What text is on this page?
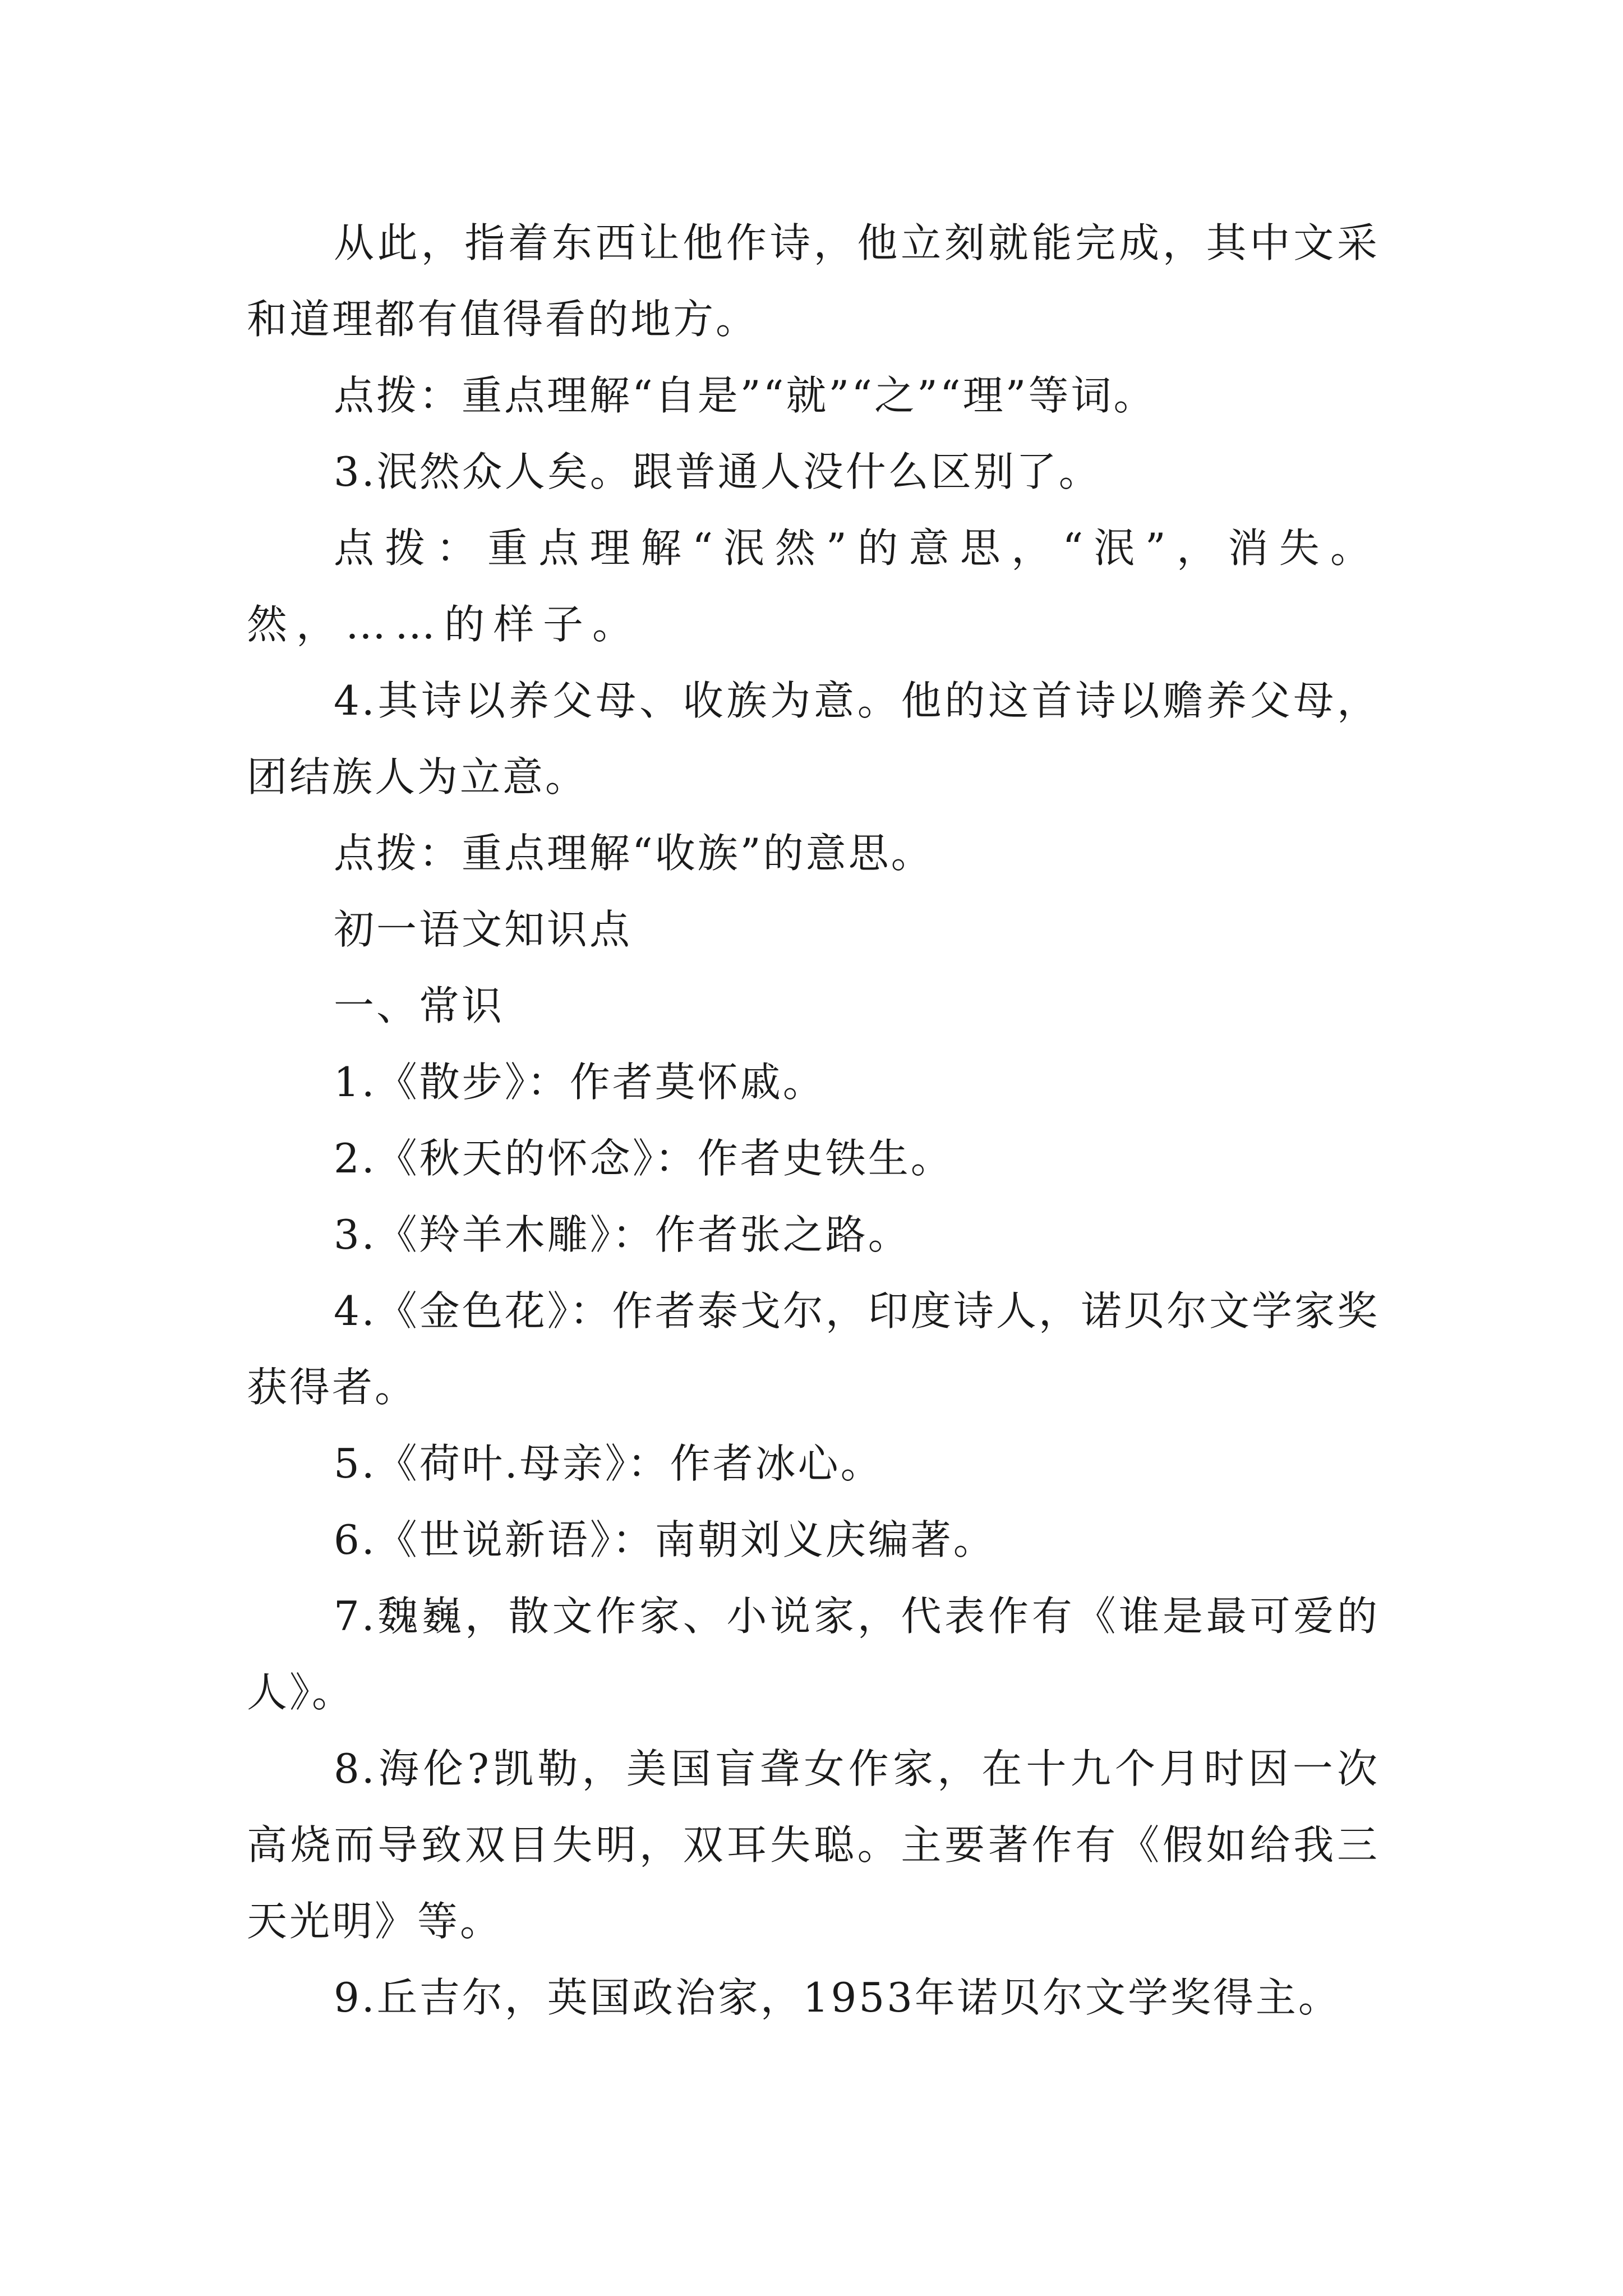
从此，指着东西让他作诗，他立刻就能完成，其中文采和道理都有值得看的地方。

点拨：重点理解“自是”“就”“之”“理”等词。

3.泯然众人矣。跟普通人没什么区别了。

点拨：重点理解“泯然”的意思，“泯”，消失。然，……的样子。

4.其诗以养父母、收族为意。他的这首诗以赡养父母，团结族人为立意。

点拨：重点理解“收族”的意思。

初一语文知识点

一、常识

1.《散步》：作者莫怀戚。

2.《秋天的怀念》：作者史铁生。

3.《羚羊木雕》：作者张之路。

4.《金色花》：作者泰戈尔，印度诗人，诺贝尔文学家奖获得者。

5.《荷叶.母亲》：作者冰心。

6.《世说新语》：南朝刘义庆编著。

7.魏巍，散文作家、小说家，代表作有《谁是最可爱的人》。

8.海伦?凯勒，美国盲聋女作家，在十九个月时因一次高烧而导致双目失明，双耳失聪。主要著作有《假如给我三天光明》等。

9.丘吉尔，英国政治家，1953年诺贝尔文学奖得主。
